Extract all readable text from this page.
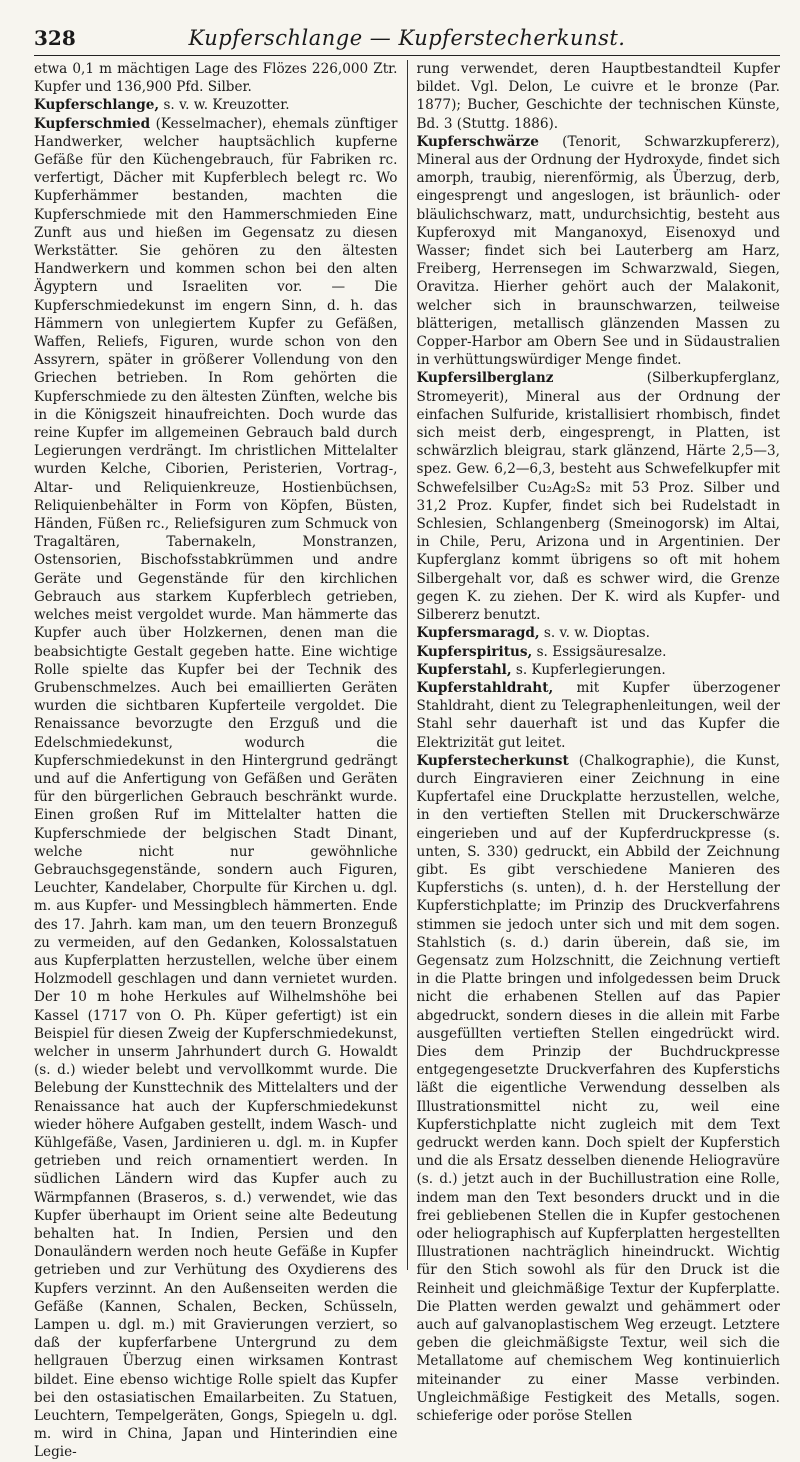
328	Kupferschlange — Kupferstecherkunst.

etwa 0,1 m mächtigen Lage des Flözes 226,000 Ztr. Kupfer und 136,900 Pfd. Silber.

Kupferschlange, s. v. w. Kreuzotter.

Kupferschmied (Kesselmacher), ehemals zünftiger Handwerker, welcher hauptsächlich kupferne Gefäße für den Küchengebrauch, für Fabriken rc. verfertigt, Dächer mit Kupferblech belegt rc. Wo Kupferhämmer bestanden, machten die Kupferschmiede mit den Hammerschmieden Eine Zunft aus und hießen im Gegensatz zu diesen Werkstätter. Sie gehören zu den ältesten Handwerkern und kommen schon bei den alten Ägyptern und Israeliten vor. — Die Kupferschmiedekunst im engern Sinn, d. h. das Hämmern von unlegiertem Kupfer zu Gefäßen, Waffen, Reliefs, Figuren, wurde schon von den Assyrern, später in größerer Vollendung von den Griechen betrieben. In Rom gehörten die Kupferschmiede zu den ältesten Zünften, welche bis in die Königszeit hinaufreichten. Doch wurde das reine Kupfer im allgemeinen Gebrauch bald durch Legierungen verdrängt. Im christlichen Mittelalter wurden Kelche, Ciborien, Peristerien, Vortrag-, Altar- und Reliquienkreuze, Hostienbüchsen, Reliquienbehälter in Form von Köpfen, Büsten, Händen, Füßen rc., Reliefsiguren zum Schmuck von Tragaltären, Tabernakeln, Monstranzen, Ostensorien, Bischofsstabkrümmen und andre Geräte und Gegenstände für den kirchlichen Gebrauch aus starkem Kupferblech getrieben, welches meist vergoldet wurde. Man hämmerte das Kupfer auch über Holzkernen, denen man die beabsichtigte Gestalt gegeben hatte. Eine wichtige Rolle spielte das Kupfer bei der Technik des Grubenschmelzes. Auch bei emaillierten Geräten wurden die sichtbaren Kupferteile vergoldet. Die Renaissance bevorzugte den Erzguß und die Edelschmiedekunst, wodurch die Kupferschmiedekunst in den Hintergrund gedrängt und auf die Anfertigung von Gefäßen und Geräten für den bürgerlichen Gebrauch beschränkt wurde. Einen großen Ruf im Mittelalter hatten die Kupferschmiede der belgischen Stadt Dinant, welche nicht nur gewöhnliche Gebrauchsgegenstände, sondern auch Figuren, Leuchter, Kandelaber, Chorpulte für Kirchen u. dgl. m. aus Kupfer- und Messingblech hämmerten. Ende des 17. Jahrh. kam man, um den teuern Bronzeguß zu vermeiden, auf den Gedanken, Kolossalstatuen aus Kupferplatten herzustellen, welche über einem Holzmodell geschlagen und dann vernietet wurden. Der 10 m hohe Herkules auf Wilhelmshöhe bei Kassel (1717 von O. Ph. Küper gefertigt) ist ein Beispiel für diesen Zweig der Kupferschmiedekunst, welcher in unserm Jahrhundert durch G. Howaldt (s. d.) wieder belebt und vervollkommt wurde. Die Belebung der Kunsttechnik des Mittelalters und der Renaissance hat auch der Kupferschmiedekunst wieder höhere Aufgaben gestellt, indem Wasch- und Kühlgefäße, Vasen, Jardinieren u. dgl. m. in Kupfer getrieben und reich ornamentiert werden. In südlichen Ländern wird das Kupfer auch zu Wärmpfannen (Braseros, s. d.) verwendet, wie das Kupfer überhaupt im Orient seine alte Bedeutung behalten hat. In Indien, Persien und den Donauländern werden noch heute Gefäße in Kupfer getrieben und zur Verhütung des Oxydierens des Kupfers verzinnt. An den Außenseiten werden die Gefäße (Kannen, Schalen, Becken, Schüsseln, Lampen u. dgl. m.) mit Gravierungen verziert, so daß der kupferfarbene Untergrund zu dem hellgrauen Überzug einen wirksamen Kontrast bildet. Eine ebenso wichtige Rolle spielt das Kupfer bei den ostasiatischen Emailarbeiten. Zu Statuen, Leuchtern, Tempelgeräten, Gongs, Spiegeln u. dgl. m. wird in China, Japan und Hinterindien eine Legie-

rung verwendet, deren Hauptbestandteil Kupfer bildet. Vgl. Delon, Le cuivre et le bronze (Par. 1877); Bucher, Geschichte der technischen Künste, Bd. 3 (Stuttg. 1886).

Kupferschwärze (Tenorit, Schwarzkupfererz), Mineral aus der Ordnung der Hydroxyde, findet sich amorph, traubig, nierenförmig, als Überzug, derb, eingesprengt und angeslogen, ist bräunlich- oder bläulichschwarz, matt, undurchsichtig, besteht aus Kupferoxyd mit Manganoxyd, Eisenoxyd und Wasser; findet sich bei Lauterberg am Harz, Freiberg, Herrensegen im Schwarzwald, Siegen, Oravitza. Hierher gehört auch der Malakonit, welcher sich in braunschwarzen, teilweise blätterigen, metallisch glänzenden Massen zu Copper-Harbor am Obern See und in Südaustralien in verhüttungswürdiger Menge findet.

Kupfersilberglanz (Silberkupferglanz, Stromeyerit), Mineral aus der Ordnung der einfachen Sulfuride, kristallisiert rhombisch, findet sich meist derb, eingesprengt, in Platten, ist schwärzlich bleigrau, stark glänzend, Härte 2,5—3, spez. Gew. 6,2—6,3, besteht aus Schwefelkupfer mit Schwefelsilber Cu₂Ag₂S₂ mit 53 Proz. Silber und 31,2 Proz. Kupfer, findet sich bei Rudelstadt in Schlesien, Schlangenberg (Smeinogorsk) im Altai, in Chile, Peru, Arizona und in Argentinien. Der Kupferglanz kommt übrigens so oft mit hohem Silbergehalt vor, daß es schwer wird, die Grenze gegen K. zu ziehen. Der K. wird als Kupfer- und Silbererz benutzt.

Kupfersmaragd, s. v. w. Dioptas.

Kupferspiritus, s. Essigsäuresalze.

Kupferstahl, s. Kupferlegierungen.

Kupferstahldraht, mit Kupfer überzogener Stahldraht, dient zu Telegraphenleitungen, weil der Stahl sehr dauerhaft ist und das Kupfer die Elektrizität gut leitet.

Kupferstecherkunst (Chalkographie), die Kunst, durch Eingravieren einer Zeichnung in eine Kupfertafel eine Druckplatte herzustellen, welche, in den vertieften Stellen mit Druckerschwärze eingerieben und auf der Kupferdruckpresse (s. unten, S. 330) gedruckt, ein Abbild der Zeichnung gibt. Es gibt verschiedene Manieren des Kupferstichs (s. unten), d. h. der Herstellung der Kupferstichplatte; im Prinzip des Druckverfahrens stimmen sie jedoch unter sich und mit dem sogen. Stahlstich (s. d.) darin überein, daß sie, im Gegensatz zum Holzschnitt, die Zeichnung vertieft in die Platte bringen und infolgedessen beim Druck nicht die erhabenen Stellen auf das Papier abgedruckt, sondern dieses in die allein mit Farbe ausgefüllten vertieften Stellen eingedrückt wird. Dies dem Prinzip der Buchdruckpresse entgegengesetzte Druckverfahren des Kupferstichs läßt die eigentliche Verwendung desselben als Illustrationsmittel nicht zu, weil eine Kupferstichplatte nicht zugleich mit dem Text gedruckt werden kann. Doch spielt der Kupferstich und die als Ersatz desselben dienende Heliogravüre (s. d.) jetzt auch in der Buchillustration eine Rolle, indem man den Text besonders druckt und in die frei gebliebenen Stellen die in Kupfer gestochenen oder heliographisch auf Kupferplatten hergestellten Illustrationen nachträglich hineindruckt. Wichtig für den Stich sowohl als für den Druck ist die Reinheit und gleichmäßige Textur der Kupferplatte. Die Platten werden gewalzt und gehämmert oder auch auf galvanoplastischem Weg erzeugt. Letztere geben die gleichmäßigste Textur, weil sich die Metallatome auf chemischem Weg kontinuierlich miteinander zu einer Masse verbinden. Ungleichmäßige Festigkeit des Metalls, sogen. schieferige oder poröse Stellen
